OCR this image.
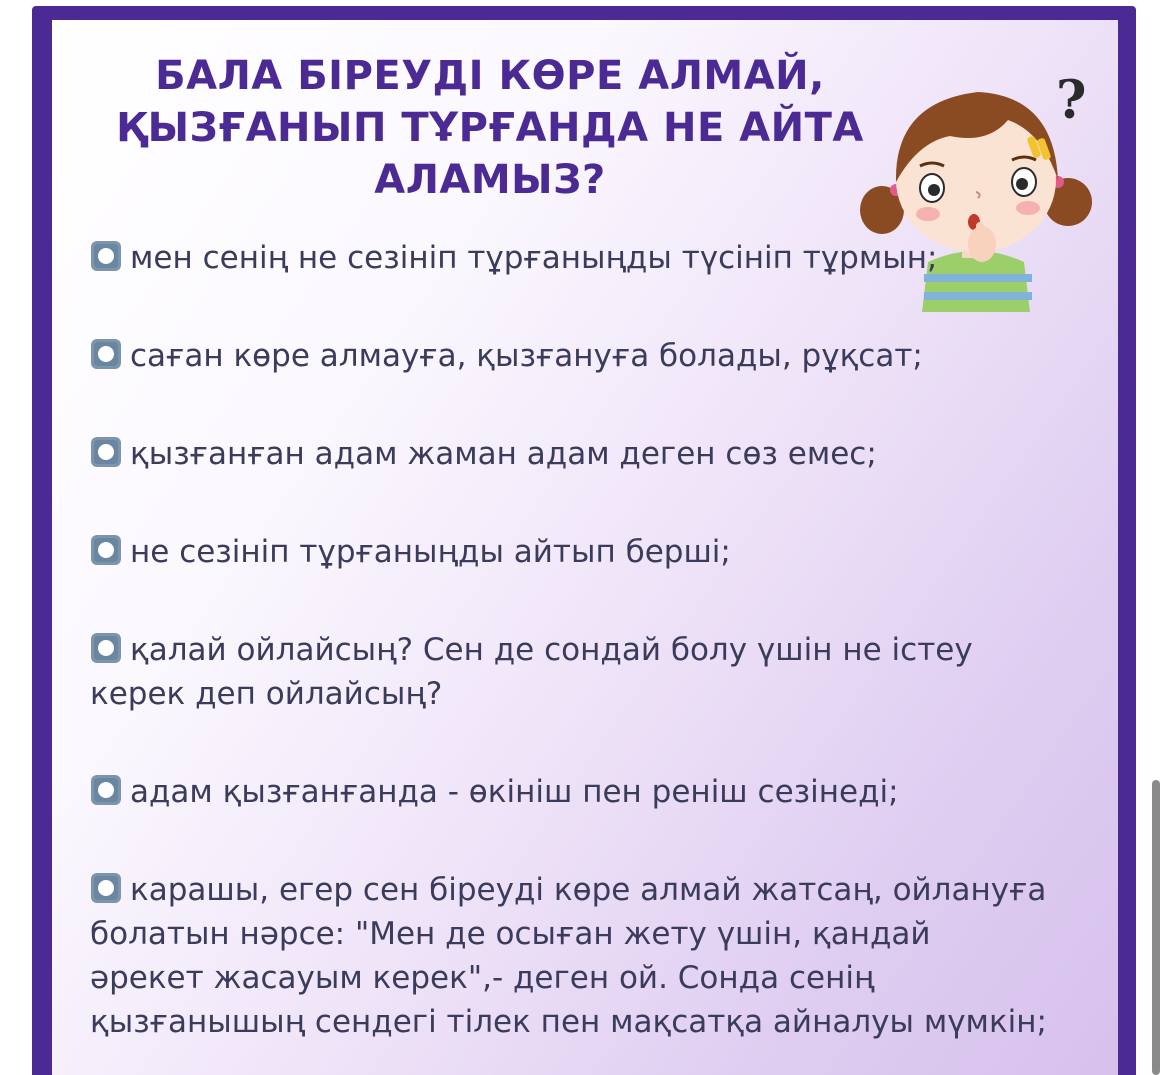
БАЛА БІРЕУДІ КӨРЕ АЛМАЙ,
ҚЫЗҒАНЫП ТҰРҒАНДА НЕ АЙТА
АЛАМЫЗ?
?
мен сенің не сезініп тұрғаныңды түсініп тұрмын;
саған көре алмауға, қызғануға болады, рұқсат;
қызғанған адам жаман адам деген сөз емес;
не сезініп тұрғаныңды айтып берші;
қалай ойлайсың? Сен де сондай болу үшін не істеу керек деп ойлайсың?
адам қызғанғанда - өкініш пен реніш сезінеді;
карашы, егер сен біреуді көре алмай жатсаң, ойлануға болатын нәрсе: "Мен де осыған жету үшін, қандай әрекет жасауым керек",- деген ой. Сонда сенің қызғанышың сендегі тілек пен мақсатқа айналуы мүмкін;
